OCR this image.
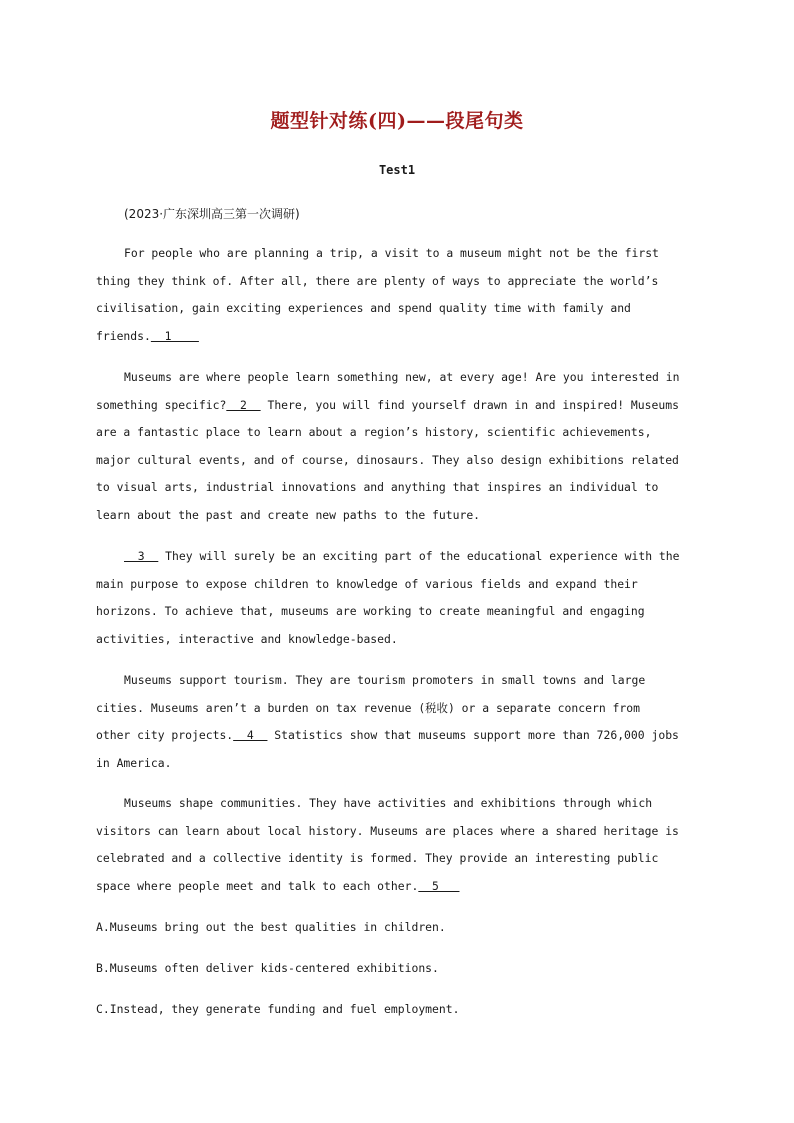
题型针对练(四)——段尾句类
Test1
(2023·广东深圳高三第一次调研)
For people who are planning a trip, a visit to a museum might not be the first
thing they think of. After all, there are plenty of ways to appreciate the world’s
civilisation, gain exciting experiences and spend quality time with family and
friends.  1
Museums are where people learn something new, at every age! Are you interested in
something specific?  2   There, you will find yourself drawn in and inspired! Museums
are a fantastic place to learn about a region’s history, scientific achievements,
major cultural events, and of course, dinosaurs. They also design exhibitions related
to visual arts, industrial innovations and anything that inspires an individual to
learn about the past and create new paths to the future.
3   They will surely be an exciting part of the educational experience with the
main purpose to expose children to knowledge of various fields and expand their
horizons. To achieve that, museums are working to create meaningful and engaging
activities, interactive and knowledge-based.
Museums support tourism. They are tourism promoters in small towns and large
cities. Museums aren’t a burden on tax revenue (税收) or a separate concern from
other city projects.  4   Statistics show that museums support more than 726,000 jobs
in America.
Museums shape communities. They have activities and exhibitions through which
visitors can learn about local history. Museums are places where a shared heritage is
celebrated and a collective identity is formed. They provide an interesting public
space where people meet and talk to each other.  5
A.Museums bring out the best qualities in children.
B.Museums often deliver kids-centered exhibitions.
C.Instead, they generate funding and fuel employment.
